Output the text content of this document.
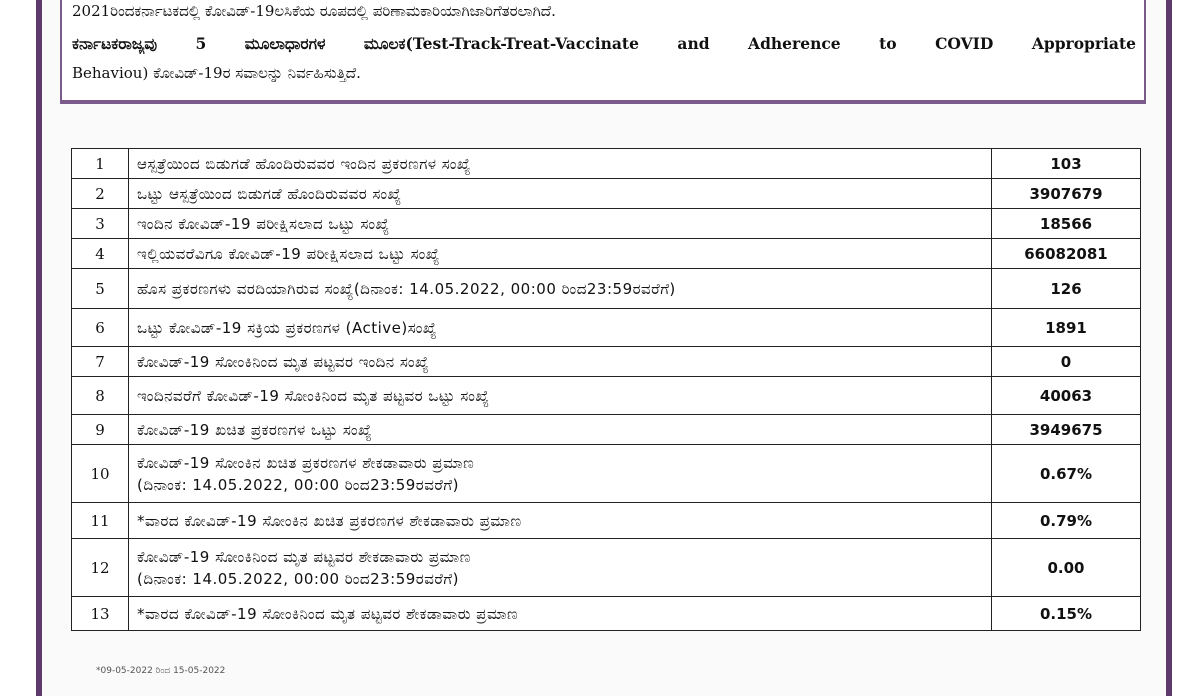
2021ರಿಂದಕರ್ನಾಟಕದಲ್ಲಿ ಕೋವಿಡ್-19ಲಸಿಕೆಯ ರೂಪದಲ್ಲಿ ಪರಿಣಾಮಕಾರಿಯಾಗಿಜಾರಿಗೆತರಲಾಗಿದೆ.
ಕರ್ನಾಟಕರಾಜ್ಯವು 5 ಮೂಲಾಧಾರಗಳ ಮೂಲಕ(Test-Track-Treat-Vaccinate and Adherence to COVID Appropriate
Behaviou) ಕೋವಿಡ್-19ರ ಸವಾಲನ್ನು ನಿರ್ವಹಿಸುತ್ತಿದೆ.
1	ಆಸ್ಪತ್ರೆಯಿಂದ ಬಿಡುಗಡೆ ಹೊಂದಿರುವವರ ಇಂದಿನ ಪ್ರಕರಣಗಳ ಸಂಖ್ಯೆ	103
2	ಒಟ್ಟು ಆಸ್ಪತ್ರೆಯಿಂದ ಬಿಡುಗಡೆ ಹೊಂದಿರುವವರ ಸಂಖ್ಯೆ	3907679
3	ಇಂದಿನ ಕೋವಿಡ್-19 ಪರೀಕ್ಷಿಸಲಾದ ಒಟ್ಟು ಸಂಖ್ಯೆ	18566
4	ಇಲ್ಲಿಯವರೆವಿಗೂ ಕೋವಿಡ್-19 ಪರೀಕ್ಷಿಸಲಾದ ಒಟ್ಟು ಸಂಖ್ಯೆ	66082081
5	ಹೊಸ ಪ್ರಕರಣಗಳು ವರದಿಯಾಗಿರುವ ಸಂಖ್ಯೆ(ದಿನಾಂಕ: 14.05.2022, 00:00 ರಿಂದ23:59ರವರೆಗೆ)	126
6	ಒಟ್ಟು ಕೋವಿಡ್-19 ಸಕ್ರಿಯ ಪ್ರಕರಣಗಳ (Active)ಸಂಖ್ಯೆ	1891
7	ಕೋವಿಡ್-19 ಸೋಂಕಿನಿಂದ ಮೃತ ಪಟ್ಟವರ ಇಂದಿನ ಸಂಖ್ಯೆ	0
8	ಇಂದಿನವರೆಗೆ ಕೋವಿಡ್-19 ಸೋಂಕಿನಿಂದ ಮೃತ ಪಟ್ಟವರ ಒಟ್ಟು ಸಂಖ್ಯೆ	40063
9	ಕೋವಿಡ್-19 ಖಚಿತ ಪ್ರಕರಣಗಳ ಒಟ್ಟು ಸಂಖ್ಯೆ	3949675
10	ಕೋವಿಡ್-19 ಸೋಂಕಿನ ಖಚಿತ ಪ್ರಕರಣಗಳ ಶೇಕಡಾವಾರು ಪ್ರಮಾಣ
(ದಿನಾಂಕ: 14.05.2022, 00:00 ರಿಂದ23:59ರವರೆಗೆ)	0.67%
11	*ವಾರದ ಕೋವಿಡ್-19 ಸೋಂಕಿನ ಖಚಿತ ಪ್ರಕರಣಗಳ ಶೇಕಡಾವಾರು ಪ್ರಮಾಣ	0.79%
12	ಕೋವಿಡ್-19 ಸೋಂಕಿನಿಂದ ಮೃತ ಪಟ್ಟವರ ಶೇಕಡಾವಾರು ಪ್ರಮಾಣ
(ದಿನಾಂಕ: 14.05.2022, 00:00 ರಿಂದ23:59ರವರೆಗೆ)	0.00
13	*ವಾರದ ಕೋವಿಡ್-19 ಸೋಂಕಿನಿಂದ ಮೃತ ಪಟ್ಟವರ ಶೇಕಡಾವಾರು ಪ್ರಮಾಣ	0.15%
*09-05-2022 ರಿಂದ 15-05-2022
